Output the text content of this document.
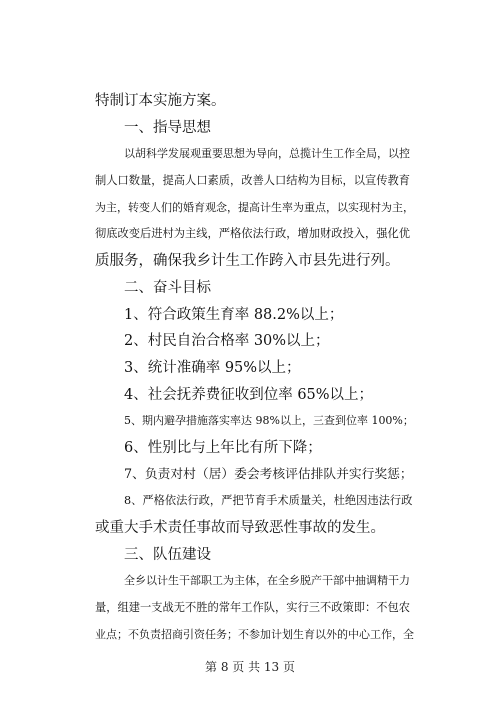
特制订本实施方案。
一、指导思想
以胡科学发展观重要思想为导向，总揽计生工作全局，以控
制人口数量，提高人口素质，改善人口结构为目标，以宣传教育
为主，转变人们的婚育观念，提高计生率为重点，以实现村为主，
彻底改变后进村为主线，严格依法行政，增加财政投入，强化优
质服务，确保我乡计生工作跨入市县先进行列。
二、奋斗目标
1、符合政策生育率 88.2%以上；
2、村民自治合格率 30%以上；
3、统计准确率 95%以上；
4、社会抚养费征收到位率 65%以上；
5、期内避孕措施落实率达 98%以上，三查到位率 100%；
6、性别比与上年比有所下降；
7、负责对村（居）委会考核评估排队并实行奖惩；
8、严格依法行政，严把节育手术质量关，杜绝因违法行政
或重大手术责任事故而导致恶性事故的发生。
三、队伍建设
全乡以计生干部职工为主体，在全乡脱产干部中抽调精干力
量，组建一支战无不胜的常年工作队，实行三不政策即：不包农
业点；不负责招商引资任务；不参加计划生育以外的中心工作，全
第 8 页 共 13 页
